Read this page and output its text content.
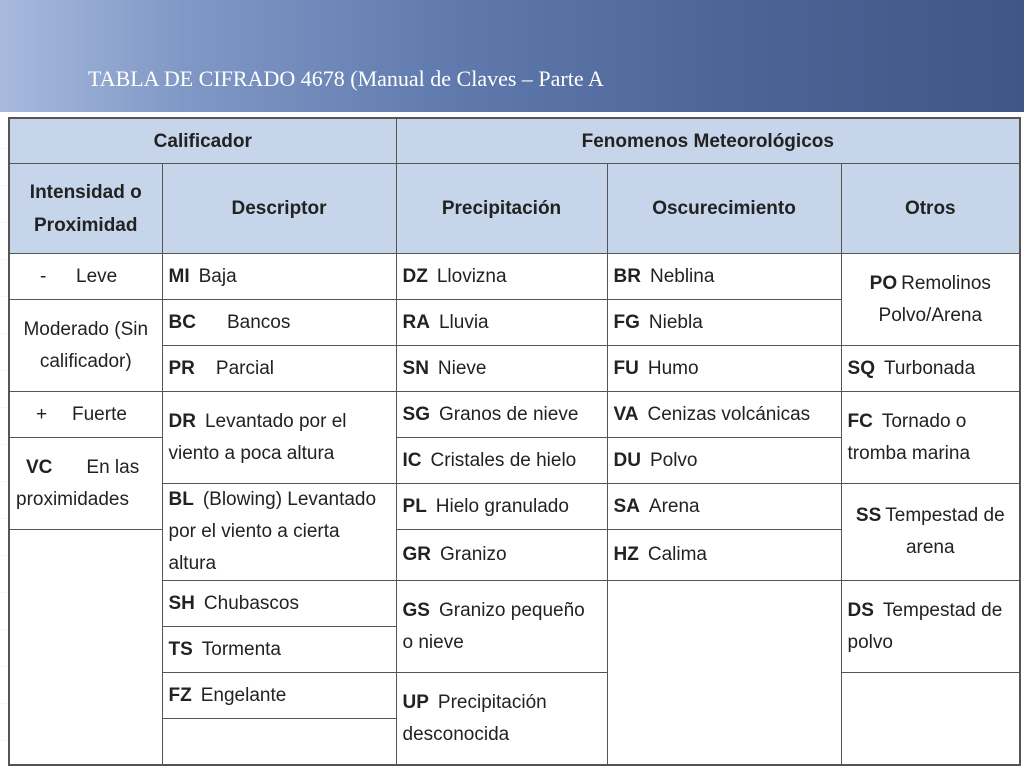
TABLA DE CIFRADO 4678 (Manual de Claves – Parte A
Calificador		Fenomenos Meteorológicos		
Intensidad o Proximidad	Descriptor	Precipitación	Oscurecimiento	Otros
- Leve	MI Baja	DZ Llovizna	BR Neblina	PO Remolinos Polvo/Arena
Moderado (Sin calificador)	BC Bancos	RA Lluvia	FG Niebla	
	PR Parcial	SN Nieve	FU Humo	SQ Turbonada
+ Fuerte	DR Levantado por el viento a poca altura	SG Granos de nieve	VA Cenizas volcánicas	FC Tornado o tromba marina
VC En las proximidades		IC Cristales de hielo	DU Polvo	
	BL (Blowing) Levantado por el viento a cierta altura	PL Hielo granulado	SA Arena	SS Tempestad de arena
		GR Granizo	HZ Calima	
	SH Chubascos	GS Granizo pequeño o nieve		DS Tempestad de polvo
	TS Tormenta			
	FZ Engelante	UP Precipitación desconocida		
